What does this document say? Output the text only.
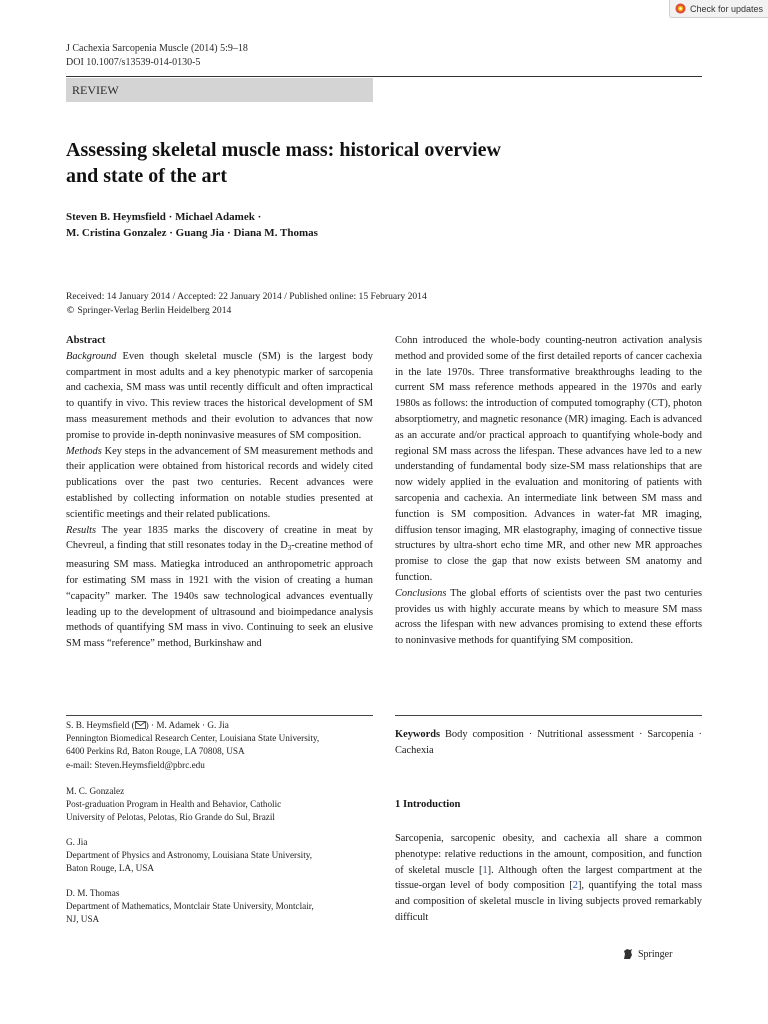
Check for updates
J Cachexia Sarcopenia Muscle (2014) 5:9–18
DOI 10.1007/s13539-014-0130-5
REVIEW
Assessing skeletal muscle mass: historical overview
and state of the art
Steven B. Heymsfield · Michael Adamek ·
M. Cristina Gonzalez · Guang Jia · Diana M. Thomas
Received: 14 January 2014 / Accepted: 22 January 2014 / Published online: 15 February 2014
© Springer-Verlag Berlin Heidelberg 2014

Abstract

Background Even though skeletal muscle (SM) is the largest body compartment in most adults and a key phenotypic marker of sarcopenia and cachexia, SM mass was until recently difficult and often impractical to quantify in vivo. This review traces the historical development of SM mass measurement methods and their evolution to advances that now promise to provide in-depth noninvasive measures of SM composition.

Methods Key steps in the advancement of SM measurement methods and their application were obtained from historical records and widely cited publications over the past two centuries. Recent advances were established by collecting information on notable studies presented at scientific meetings and their related publications.

Results The year 1835 marks the discovery of creatine in meat by Chevreul, a finding that still resonates today in the $D_3$-creatine method of measuring SM mass. Matiegka introduced an anthropometric approach for estimating SM mass in 1921 with the vision of creating a human “capacity” marker. The 1940s saw technological advances eventually leading up to the development of ultrasound and bioimpedance analysis methods of quantifying SM mass in vivo. Continuing to seek an elusive SM mass “reference” method, Burkinshaw and

Cohn introduced the whole-body counting-neutron activation analysis method and provided some of the first detailed reports of cancer cachexia in the late 1970s. Three transformative breakthroughs leading to the current SM mass reference methods appeared in the 1970s and early 1980s as follows: the introduction of computed tomography (CT), photon absorptiometry, and magnetic resonance (MR) imaging. Each is advanced as an accurate and/or practical approach to quantifying whole-body and regional SM mass across the lifespan. These advances have led to a new understanding of fundamental body size-SM mass relationships that are now widely applied in the evaluation and monitoring of patients with sarcopenia and cachexia. An intermediate link between SM mass and function is SM composition. Advances in water-fat MR imaging, diffusion tensor imaging, MR elastography, imaging of connective tissue structures by ultra-short echo time MR, and other new MR approaches promise to close the gap that now exists between SM anatomy and function.

Conclusions The global efforts of scientists over the past two centuries provides us with highly accurate means by which to measure SM mass across the lifespan with new advances promising to extend these efforts to noninvasive methods for quantifying SM composition.

S. B. Heymsfield ( ) · M. Adamek · G. Jia

Pennington Biomedical Research Center, Louisiana State University,

6400 Perkins Rd, Baton Rouge, LA 70808, USA

e-mail: Steven.Heymsfield@pbrc.edu

M. C. Gonzalez

Post-graduation Program in Health and Behavior, Catholic

University of Pelotas, Pelotas, Rio Grande do Sul, Brazil

G. Jia

Department of Physics and Astronomy, Louisiana State University,

Baton Rouge, LA, USA

D. M. Thomas

Department of Mathematics, Montclair State University, Montclair,

NJ, USA

Keywords Body composition · Nutritional assessment · Sarcopenia · Cachexia
1 Introduction
Sarcopenia, sarcopenic obesity, and cachexia all share a common phenotype: relative reductions in the amount, composition, and function of skeletal muscle [1]. Although often the largest compartment at the tissue-organ level of body composition [2], quantifying the total mass and composition of skeletal muscle in living subjects proved remarkably difficult
Springer
